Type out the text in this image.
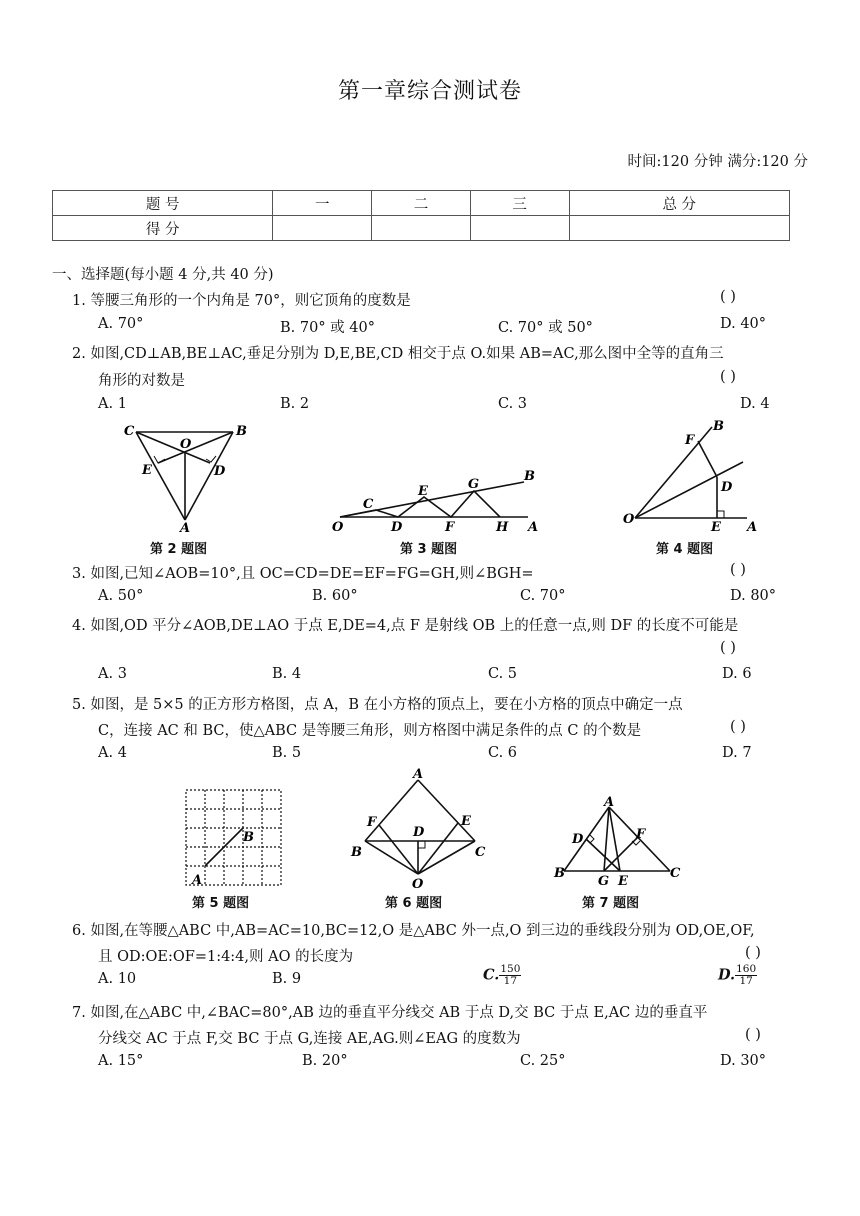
第一章综合测试卷
时间:120 分钟 满分:120 分
题 号	一	二	三	总 分
得 分				
一、选择题(每小题 4 分,共 40 分)
1. 等腰三角形的一个内角是 70°，则它顶角的度数是	( )
A. 70°	B. 70° 或 40°	C. 70° 或 50°	D. 40°
2. 如图,CD⊥AB,BE⊥AC,垂足分别为 D,E,BE,CD 相交于点 O.如果 AB=AC,那么图中全等的直角三
角形的对数是	( )
A. 1	B. 2	C. 3	D. 4
C
O
B
E	D
A
第 2 题图
B
G
E
C
O	D	F	H A
第 3 题图
B
F
D
O
E A
第 4 题图
3. 如图,已知∠AOB=10°,且 OC=CD=DE=EF=FG=GH,则∠BGH=	( )
A. 50°	B. 60°	C. 70°	D. 80°
4. 如图,OD 平分∠AOB,DE⊥AO 于点 E,DE=4,点 F 是射线 OB 上的任意一点,则 DF 的长度不可能是
( )
A. 3	B. 4	C. 5	D. 6
5. 如图，是 5×5 的正方形方格图，点 A，B 在小方格的顶点上，要在小方格的顶点中确定一点
C，连接 AC 和 BC，使△ABC 是等腰三角形，则方格图中满足条件的点 C 的个数是	( )
A. 4	B. 5	C. 6	D. 7
B
A
第 5 题图
A
F	E
D
B	C
O
第 6 题图
A
D	F
B
G E
C
第 7 题图
6. 如图,在等腰△ABC 中,AB=AC=10,BC=12,O 是△ABC 外一点,O 到三边的垂线段分别为 OD,OE,OF,
且 OD:OE:OF=1:4:4,则 AO 的长度为	( )
A. 10	B. 9	C. $\frac{150}{17}$	D. $\frac{160}{17}$
7. 如图,在△ABC 中,∠BAC=80°,AB 边的垂直平分线交 AB 于点 D,交 BC 于点 E,AC 边的垂直平
分线交 AC 于点 F,交 BC 于点 G,连接 AE,AG.则∠EAG 的度数为	( )
A. 15°	B. 20°	C. 25°	D. 30°
